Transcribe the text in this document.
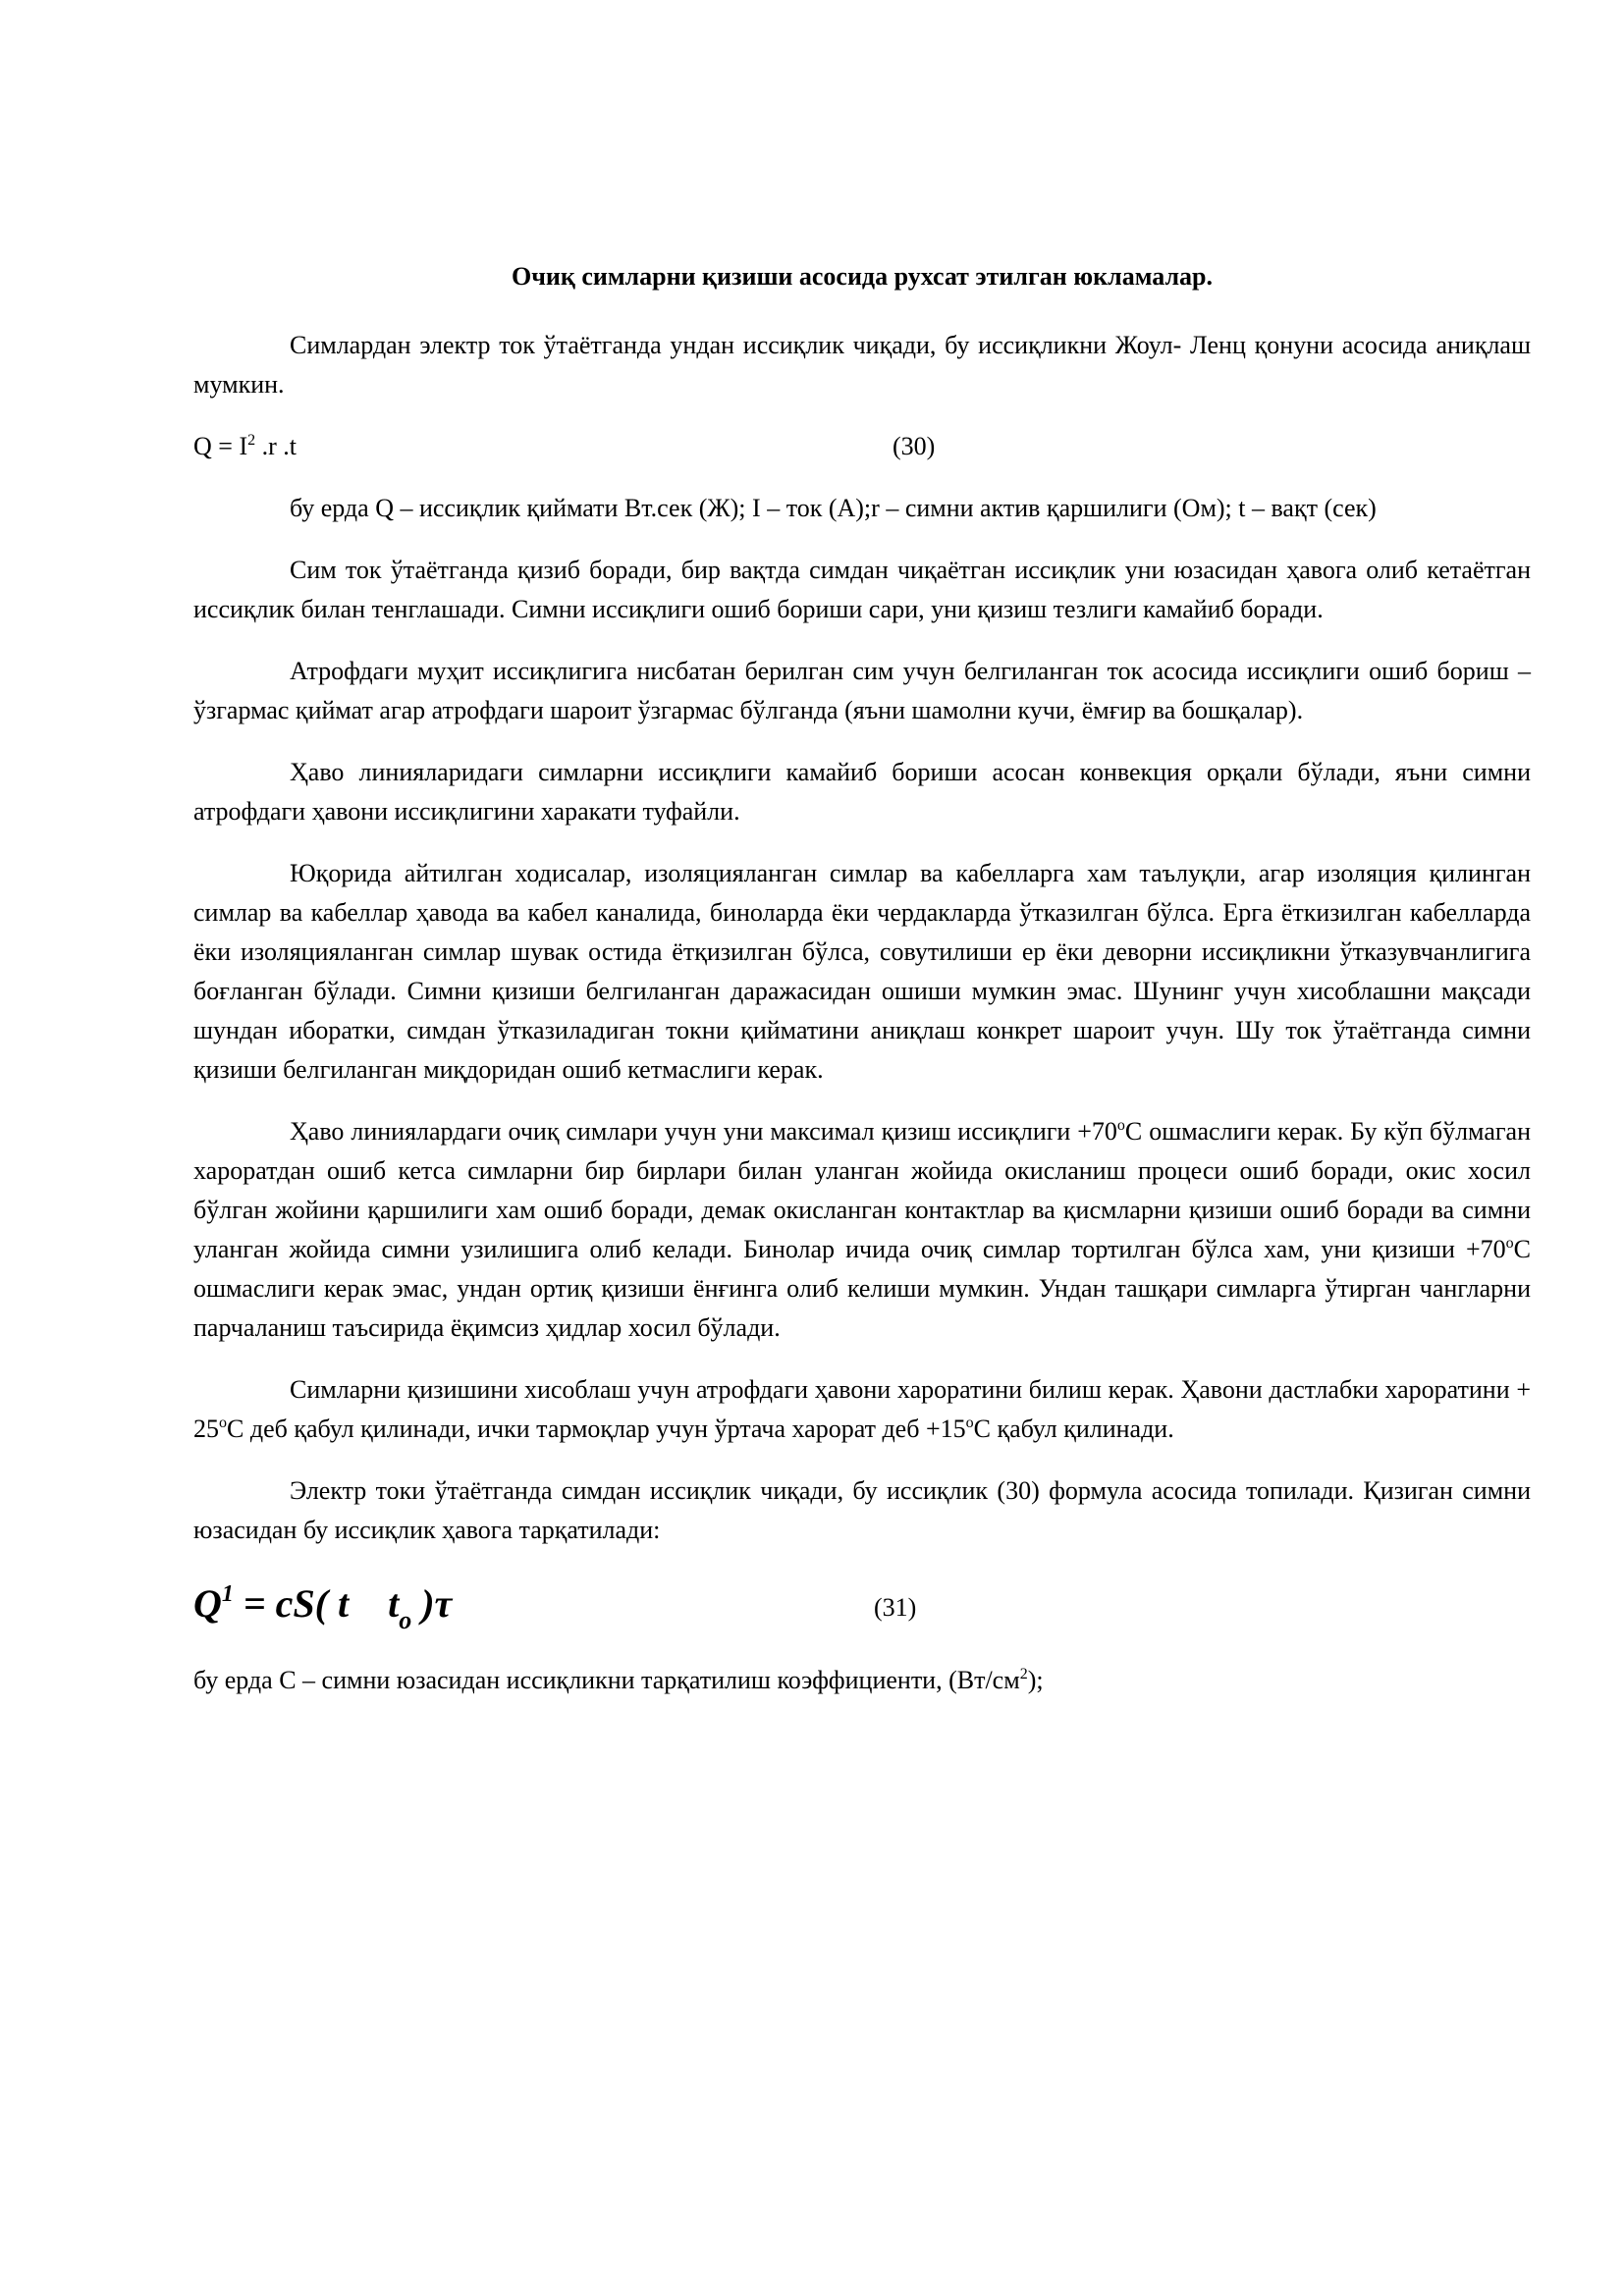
Очиқ симларни қизиши асосида рухсат этилган юкламалар.

Симлардан электр ток ўтаётганда ундан иссиқлик чиқади, бу иссиқликни Жоул- Ленц қонуни асосида аниқлаш мумкин.

$Q = I^2$ .r .t	(30)

бу ерда Q – иссиқлик қиймати Вт.сек (Ж); I – ток (A);r – симни актив қаршилиги (Ом); t – вақт (сек)

Сим ток ўтаётганда қизиб боради, бир вақтда симдан чиқаётган иссиқлик уни юзасидан ҳавога олиб кетаётган иссиқлик билан тенглашади. Симни иссиқлиги ошиб бориши сари, уни қизиш тезлиги камайиб боради.

Атрофдаги муҳит иссиқлигига нисбатан берилган сим учун белгиланган ток асосида иссиқлиги ошиб бориш – ўзгармас қиймат агар атрофдаги шароит ўзгармас бўлганда (яъни шамолни кучи, ёмғир ва бошқалар).

Ҳаво линияларидаги симларни иссиқлиги камайиб бориши асосан конвекция орқали бўлади, яъни симни атрофдаги ҳавони иссиқлигини харакати туфайли.

Юқорида айтилган ходисалар, изоляцияланган симлар ва кабелларга хам таълуқли, агар изоляция қилинган симлар ва кабеллар ҳавода ва кабел каналида, биноларда ёки чердакларда ўтказилган бўлса. Ерга ёткизилган кабелларда ёки изоляцияланган симлар шувак остида ётқизилган бўлса, совутилиши ер ёки деворни иссиқликни ўтказувчанлигига боғланган бўлади. Симни қизиши белгиланган даражасидан ошиши мумкин эмас. Шунинг учун хисоблашни мақсади шундан иборатки, симдан ўтказиладиган токни қийматини аниқлаш конкрет шароит учун. Шу ток ўтаётганда симни қизиши белгиланган миқдоридан ошиб кетмаслиги керак.

Ҳаво линиялардаги очиқ симлари учун уни максимал қизиш иссиқлиги $+70^оС$ ошмаслиги керак. Бу кўп бўлмаган хароратдан ошиб кетса симларни бир бирлари билан уланган жойида окисланиш процеси ошиб боради, окис хосил бўлган жойини қаршилиги хам ошиб боради, демак окисланган контактлар ва қисмларни қизиши ошиб боради ва симни уланган жойида симни узилишига олиб келади. Бинолар ичида очиқ симлар тортилган бўлса хам, уни қизиши $+70^оС$ ошмаслиги керак эмас, ундан ортиқ қизиши ёнғинга олиб келиши мумкин. Ундан ташқари симларга ўтирган чангларни парчаланиш таъсирида ёқимсиз ҳидлар хосил бўлади.

Симларни қизишини хисоблаш учун атрофдаги ҳавони хароратини билиш керак. Ҳавони дастлабки хароратини + $25^оС$ деб қабул қилинади, ички тармоқлар учун ўртача харорат деб $+15^оС$ қабул қилинади.

Электр токи ўтаётганда симдан иссиқлик чиқади, бу иссиқлик (30) формула асосида топилади. Қизиган симни юзасидан бу иссиқлик ҳавога тарқатилади:

$Q^1 = cS$( t    $t_o$ )τ	(31)

бу ерда С – симни юзасидан иссиқликни тарқатилиш коэффициенти, $(Вт/см^2)$;
